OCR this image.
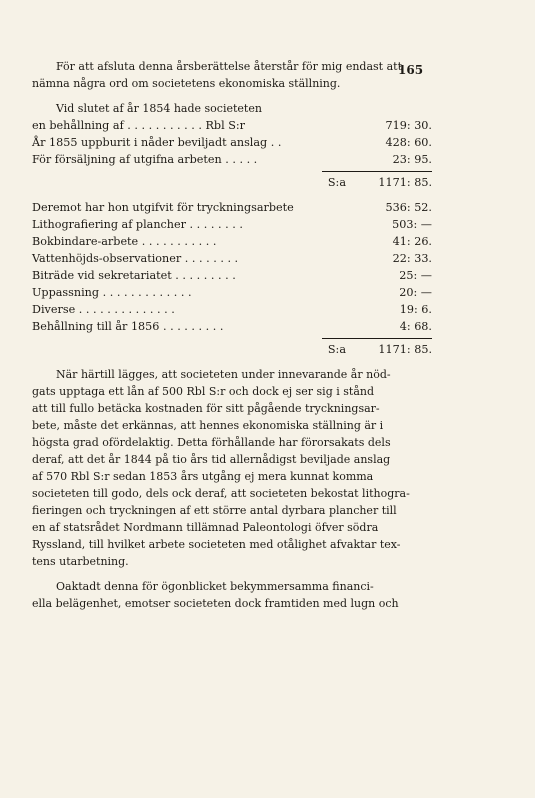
165

För att afsluta denna årsberättelse återstår för mig endast att

nämna några ord om societetens ekonomiska ställning.

Vid slutet af år 1854 hade societeten

en behållning af . . . . . . . . . . . Rbl S:r	719: 30.
År 1855 uppburit i nåder beviljadt anslag . .	428: 60.
För försäljning af utgifna arbeten . . . . .	23: 95.
S:a	1171: 85.
Deremot har hon utgifvit för tryckningsarbete	536: 52.
Lithografiering af plancher . . . . . . . .	503: —
Bokbindare-arbete . . . . . . . . . . .	41: 26.
Vattenhöjds-observationer . . . . . . . .	22: 33.
Biträde vid sekretariatet . . . . . . . . .	25: —
Uppassning . . . . . . . . . . . . .	20: —
Diverse . . . . . . . . . . . . . .	19: 6.
Behållning till år 1856 . . . . . . . . .	4: 68.
S:a	1171: 85.

När härtill lägges, att societeten under innevarande år nöd-

gats upptaga ett lån af 500 Rbl S:r och dock ej ser sig i stånd

att till fullo betäcka kostnaden för sitt pågående tryckningsar-

bete, måste det erkännas, att hennes ekonomiska ställning är i

högsta grad ofördelaktig. Detta förhållande har förorsakats dels

deraf, att det år 1844 på tio års tid allernådigst beviljade anslag

af 570 Rbl S:r sedan 1853 års utgång ej mera kunnat komma

societeten till godo, dels ock deraf, att societeten bekostat lithogra-

fieringen och tryckningen af ett större antal dyrbara plancher till

en af statsrådet Nordmann tillämnad Paleontologi öfver södra

Ryssland, till hvilket arbete societeten med otålighet afvaktar tex-

tens utarbetning.

Oaktadt denna för ögonblicket bekymmersamma financi-

ella belägenhet, emotser societeten dock framtiden med lugn och
